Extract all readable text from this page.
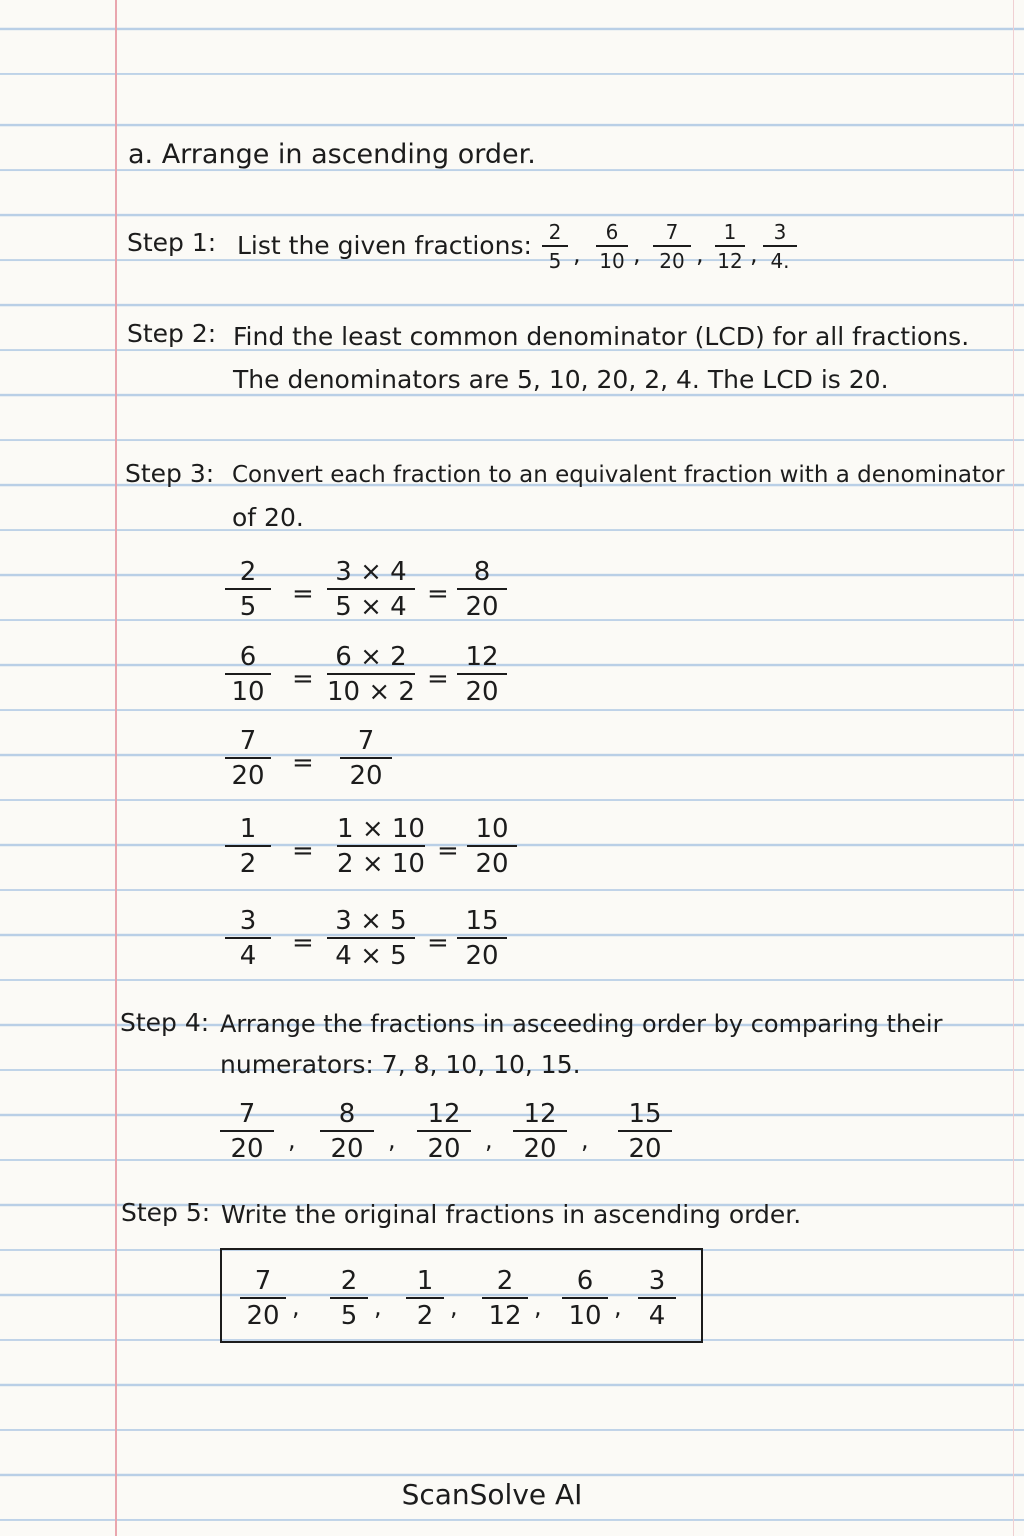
a. Arrange in ascending order.
Step 1: List the given fractions: 2
5 ,
6
10 ,
7
20 ,
1
12 ,
3
4.
Step 2: Find the least common denominator (LCD) for all fractions.
The denominators are 5, 10, 20, 2, 4. The LCD is 20.
Step 3: Convert each fraction to an equivalent fraction with a denominator
of 20.
2
5 =
3 × 4
5 × 4 =
8
20
6
10 =
6 × 2
10 × 2 =
12
20
7
20 =
7
20
1
2 =
1 × 10
2 × 10 =
10
20
3
4 =
3 × 5
4 × 5 =
15
20
Step 4: Arrange the fractions in asceeding order by comparing their
numerators: 7, 8, 10, 10, 15.
7
20 ,
8
20 ,
12
20 ,
12
20 ,
15
20
Step 5: Write the original fractions in ascending order.
7
20 ,
2
5 ,
1
2 ,
2
12 ,
6
10 ,
3
4
ScanSolve AI
